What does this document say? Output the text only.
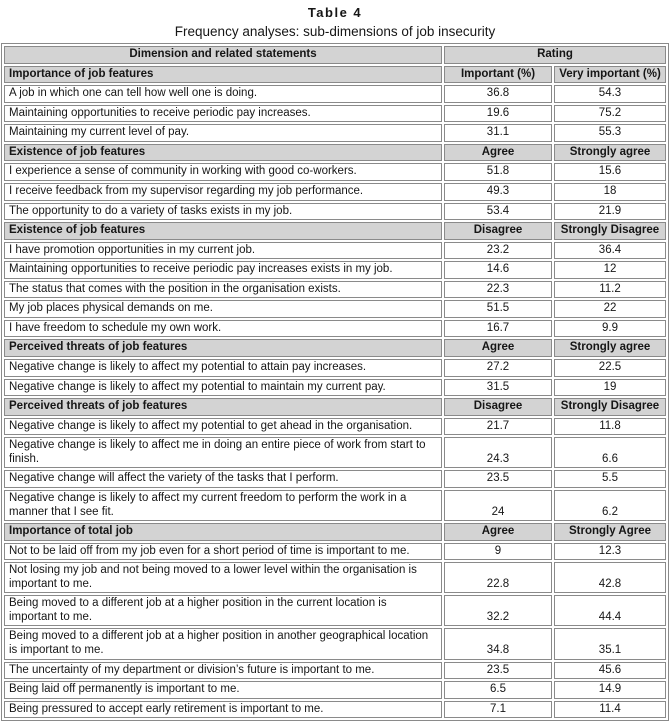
Table 4
Frequency analyses: sub-dimensions of job insecurity
Dimension and related statements	Rating	
Importance of job features	Important (%)	Very important (%)
A job in which one can tell how well one is doing.	36.8	54.3
Maintaining opportunities to receive periodic pay increases.	19.6	75.2
Maintaining my current level of pay.	31.1	55.3
Existence of job features	Agree	Strongly agree
I experience a sense of community in working with good co-workers.	51.8	15.6
I receive feedback from my supervisor regarding my job performance.	49.3	18
The opportunity to do a variety of tasks exists in my job.	53.4	21.9
Existence of job features	Disagree	Strongly Disagree
I have promotion opportunities in my current job.	23.2	36.4
Maintaining opportunities to receive periodic pay increases exists in my job.	14.6	12
The status that comes with the position in the organisation exists.	22.3	11.2
My job places physical demands on me.	51.5	22
I have freedom to schedule my own work.	16.7	9.9
Perceived threats of job features	Agree	Strongly agree
Negative change is likely to affect my potential to attain pay increases.	27.2	22.5
Negative change is likely to affect my potential to maintain my current pay.	31.5	19
Perceived threats of job features	Disagree	Strongly Disagree
Negative change is likely to affect my potential to get ahead in the organisation.	21.7	11.8
Negative change is likely to affect me in doing an entire piece of work from start to finish.	24.3	6.6
Negative change will affect the variety of the tasks that I perform.	23.5	5.5
Negative change is likely to affect my current freedom to perform the work in a manner that I see fit.	24	6.2
Importance of total job	Agree	Strongly Agree
Not to be laid off from my job even for a short period of time is important to me.	9	12.3
Not losing my job and not being moved to a lower level within the organisation is important to me.	22.8	42.8
Being moved to a different job at a higher position in the current location is important to me.	32.2	44.4
Being moved to a different job at a higher position in another geographical location is important to me.	34.8	35.1
The uncertainty of my department or division’s future is important to me.	23.5	45.6
Being laid off permanently is important to me.	6.5	14.9
Being pressured to accept early retirement is important to me.	7.1	11.4
